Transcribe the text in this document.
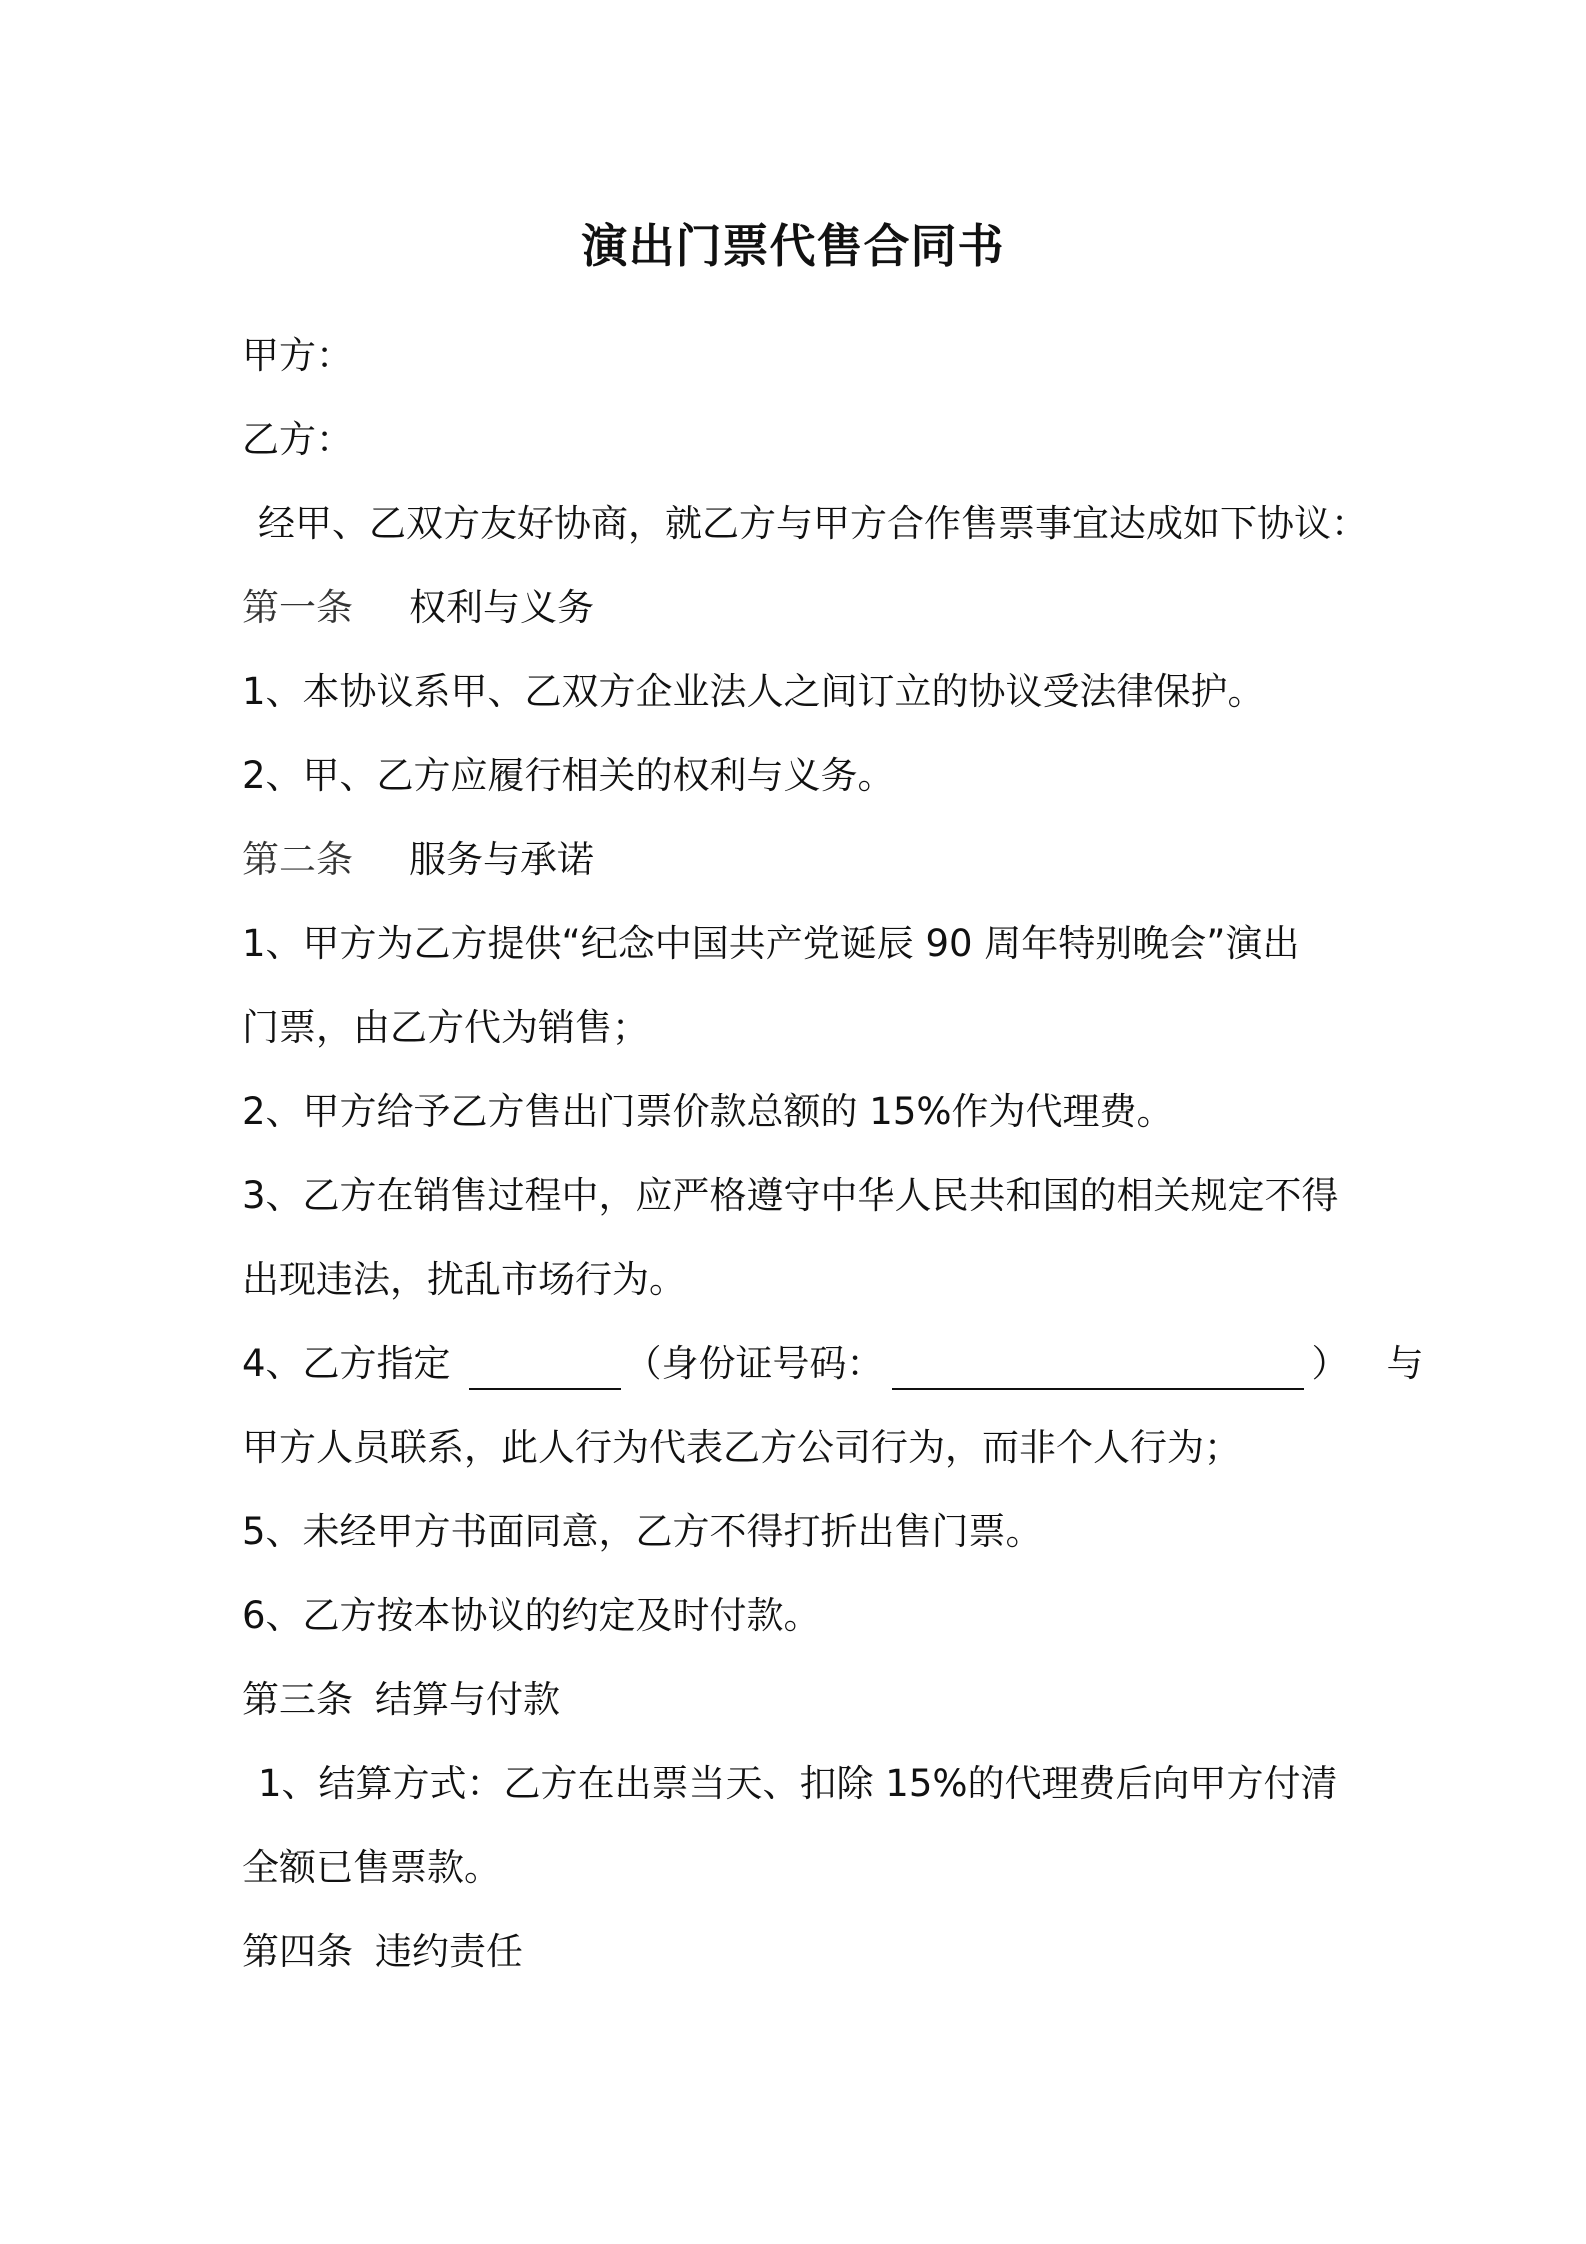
演出门票代售合同书
甲方：
乙方：
经甲、乙双方友好协商，就乙方与甲方合作售票事宜达成如下协议：
第一条 权利与义务
1、本协议系甲、乙双方企业法人之间订立的协议受法律保护。
2、甲、乙方应履行相关的权利与义务。
第二条 服务与承诺
1、甲方为乙方提供“纪念中国共产党诞辰 90 周年特别晚会”演出
门票，由乙方代为销售；
2、甲方给予乙方售出门票价款总额的 15%作为代理费。
3、乙方在销售过程中，应严格遵守中华人民共和国的相关规定不得
出现违法，扰乱市场行为。
4、乙方指定	（身份证号码：	） 与
甲方人员联系，此人行为代表乙方公司行为，而非个人行为；
5、未经甲方书面同意，乙方不得打折出售门票。
6、乙方按本协议的约定及时付款。
第三条 结算与付款
1、结算方式：乙方在出票当天、扣除 15%的代理费后向甲方付清
全额已售票款。
第四条 违约责任
